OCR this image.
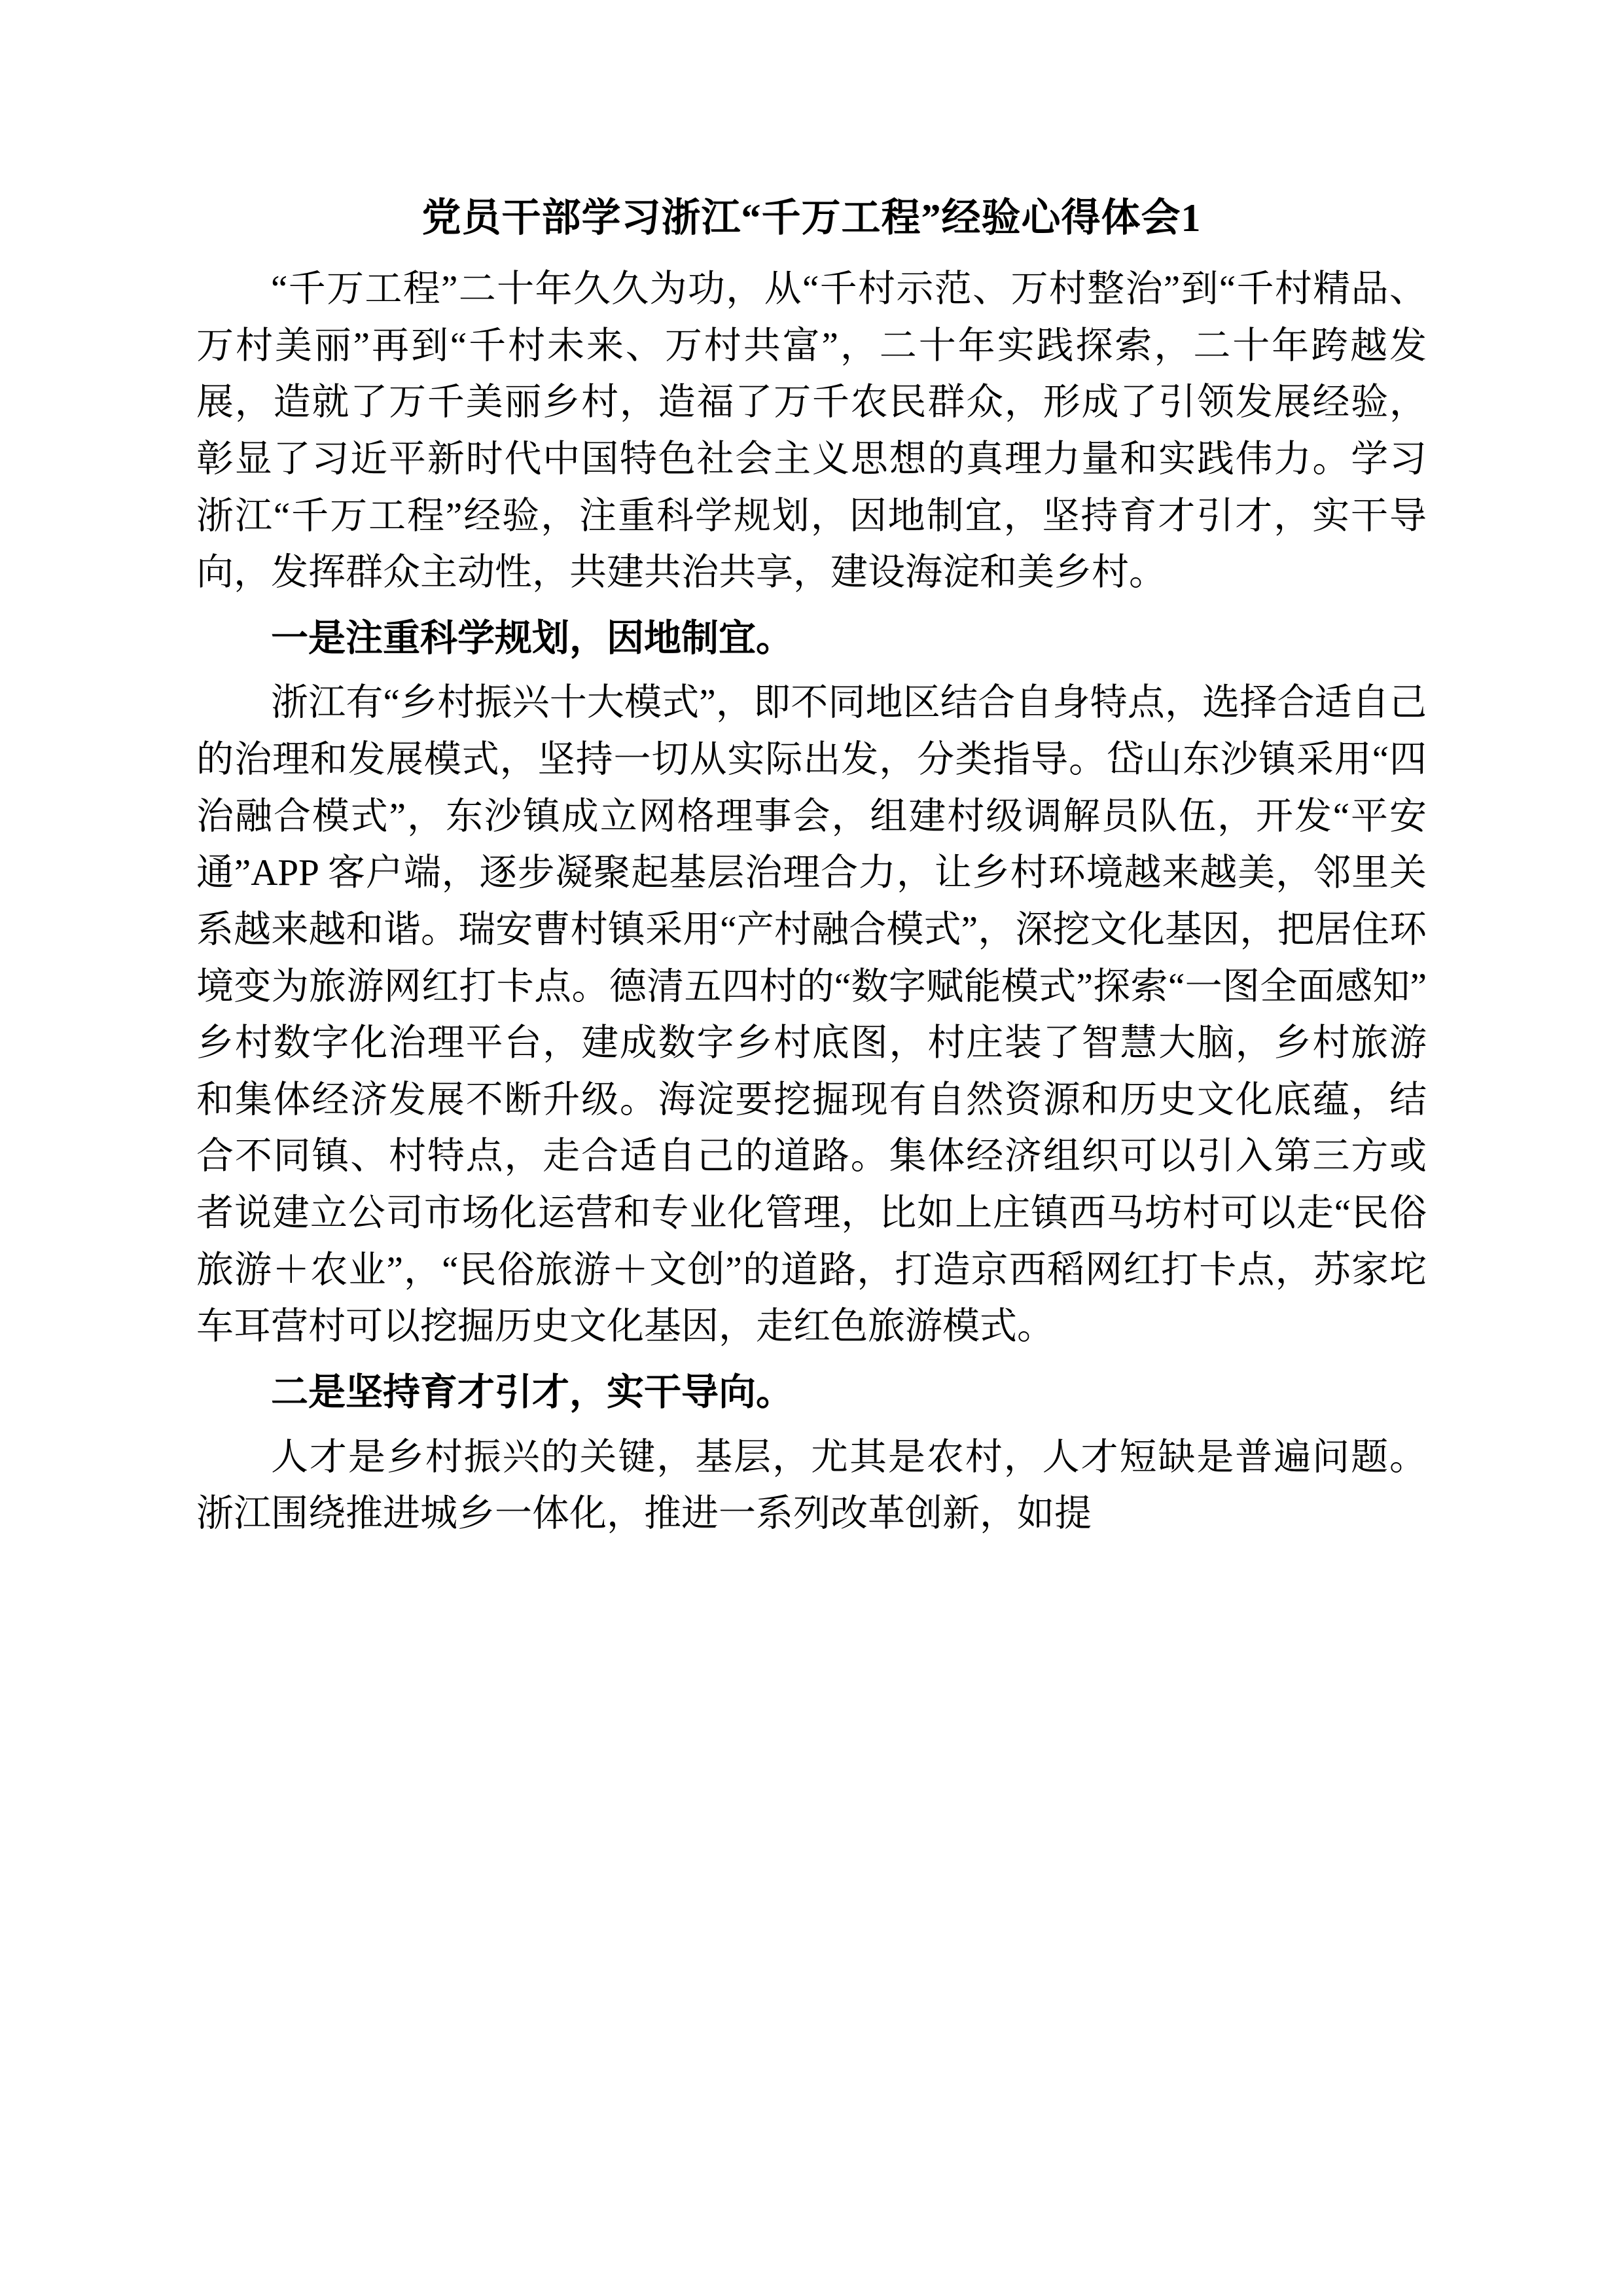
党员干部学习浙江“千万工程”经验心得体会1

“千万工程”二十年久久为功，从“千村示范、万村整治”到“千村精品、万村美丽”再到“千村未来、万村共富”，二十年实践探索，二十年跨越发展，造就了万千美丽乡村，造福了万千农民群众，形成了引领发展经验，彰显了习近平新时代中国特色社会主义思想的真理力量和实践伟力。学习浙江“千万工程”经验，注重科学规划，因地制宜，坚持育才引才，实干导向，发挥群众主动性，共建共治共享，建设海淀和美乡村。

一是注重科学规划，因地制宜。

浙江有“乡村振兴十大模式”，即不同地区结合自身特点，选择合适自己的治理和发展模式，坚持一切从实际出发，分类指导。岱山东沙镇采用“四治融合模式”，东沙镇成立网格理事会，组建村级调解员队伍，开发“平安通”APP 客户端，逐步凝聚起基层治理合力，让乡村环境越来越美，邻里关系越来越和谐。瑞安曹村镇采用“产村融合模式”，深挖文化基因，把居住环境变为旅游网红打卡点。德清五四村的“数字赋能模式”探索“一图全面感知”乡村数字化治理平台，建成数字乡村底图，村庄装了智慧大脑，乡村旅游和集体经济发展不断升级。海淀要挖掘现有自然资源和历史文化底蕴，结合不同镇、村特点，走合适自己的道路。集体经济组织可以引入第三方或者说建立公司市场化运营和专业化管理，比如上庄镇西马坊村可以走“民俗旅游＋农业”，“民俗旅游＋文创”的道路，打造京西稻网红打卡点，苏家坨车耳营村可以挖掘历史文化基因，走红色旅游模式。

二是坚持育才引才，实干导向。

人才是乡村振兴的关键，基层，尤其是农村，人才短缺是普遍问题。浙江围绕推进城乡一体化，推进一系列改革创新，如提
